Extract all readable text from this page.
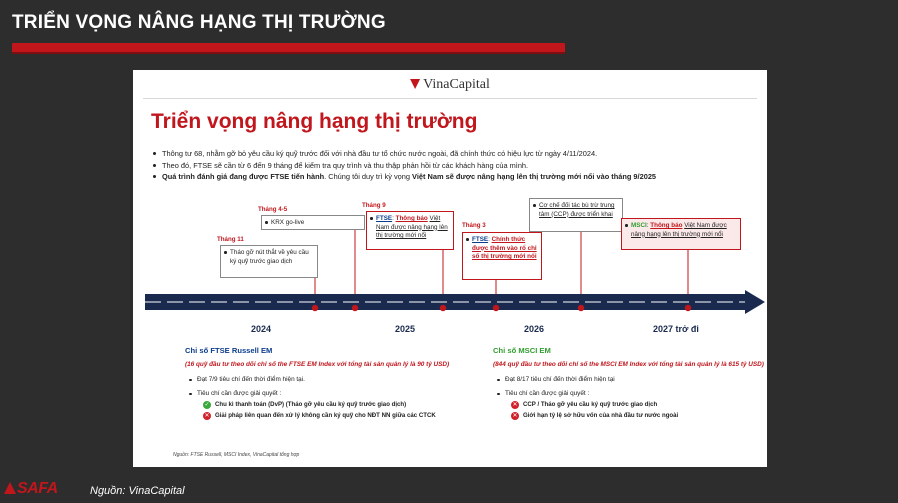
TRIỂN VỌNG NÂNG HẠNG THỊ TRƯỜNG
VinaCapital
Triển vọng nâng hạng thị trường
Thông tư 68, nhằm gỡ bỏ yêu cầu ký quỹ trước đối với nhà đầu tư tổ chức nước ngoài, đã chính thức có hiệu lực từ ngày 4/11/2024.
Theo đó, FTSE sẽ cần từ 6 đến 9 tháng để kiểm tra quy trình và thu thập phản hồi từ các khách hàng của mình.
Quá trình đánh giá đang được FTSE tiến hành. Chúng tôi duy trì kỳ vọng Việt Nam sẽ được nâng hạng lên thị trường mới nổi vào tháng 9/2025
Tháng 11
Tháng 4-5
Tháng 9
Tháng 3
Tháo gỡ nút thắt về yêu cầu ký quỹ trước giao dịch
KRX go-live
FTSE: Thông báo Việt Nam được nâng hạng lên thị trường mới nổi
FTSE: Chính thức được thêm vào rổ chỉ số thị trường mới nổi
Cơ chế đối tác bù trừ trung tâm (CCP) được triển khai
MSCI: Thông báo Việt Nam được nâng hạng lên thị trường mới nổi
2024	2025	2026	2027 trở đi
Chỉ số FTSE Russell EM
(16 quỹ đầu tư theo dõi chỉ số the FTSE EM Index với tổng tài sản quản lý là 90 tỷ USD)
Đạt 7/9 tiêu chí đến thời điểm hiện tại.
Tiêu chí cần được giải quyết :
✓ Chu kì thanh toán (DvP) (Tháo gỡ yêu cầu ký quỹ trước giao dịch)
✕ Giải pháp liên quan đến xử lý không cần ký quỹ cho NĐT NN giữa các CTCK
Chỉ số MSCI EM
(844 quỹ đầu tư theo dõi chỉ số the MSCI EM Index với tổng tài sản quản lý là 615 tỷ USD)
Đạt 8/17 tiêu chí đến thời điểm hiện tại
Tiêu chí cần được giải quyết :
✕ CCP / Tháo gỡ yêu cầu ký quỹ trước giao dịch
✕ Giới hạn tỷ lệ sở hữu vốn của nhà đầu tư nước ngoài
Nguồn: FTSE Russell, MSCI Index, VinaCapital tổng hợp
SAFA	Nguồn: VinaCapital
